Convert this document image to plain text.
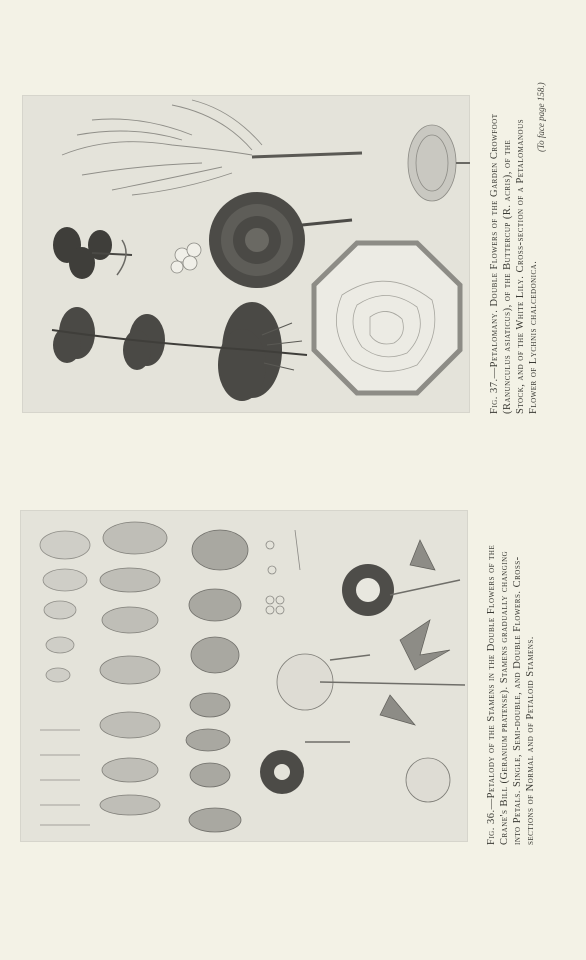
Fig. 37.—Petalomany. Double Flowers of the Garden Crowfoot (Ranunculus asiaticus), of the Buttercup (R. acris), of the Stock, and of the White Lily. Cross-section of a Petalomanous Flower of Lychnis chalcedonica.
Fig. 36.—Petalody of the Stamens in the Double Flowers of the Crane's Bill (Geranium pratense). Stamens gradually changing into Petals. Single, Semi-double, and Double Flowers. Cross- sections of Normal and of Petaloid Stamens.
(To face page 158.)
